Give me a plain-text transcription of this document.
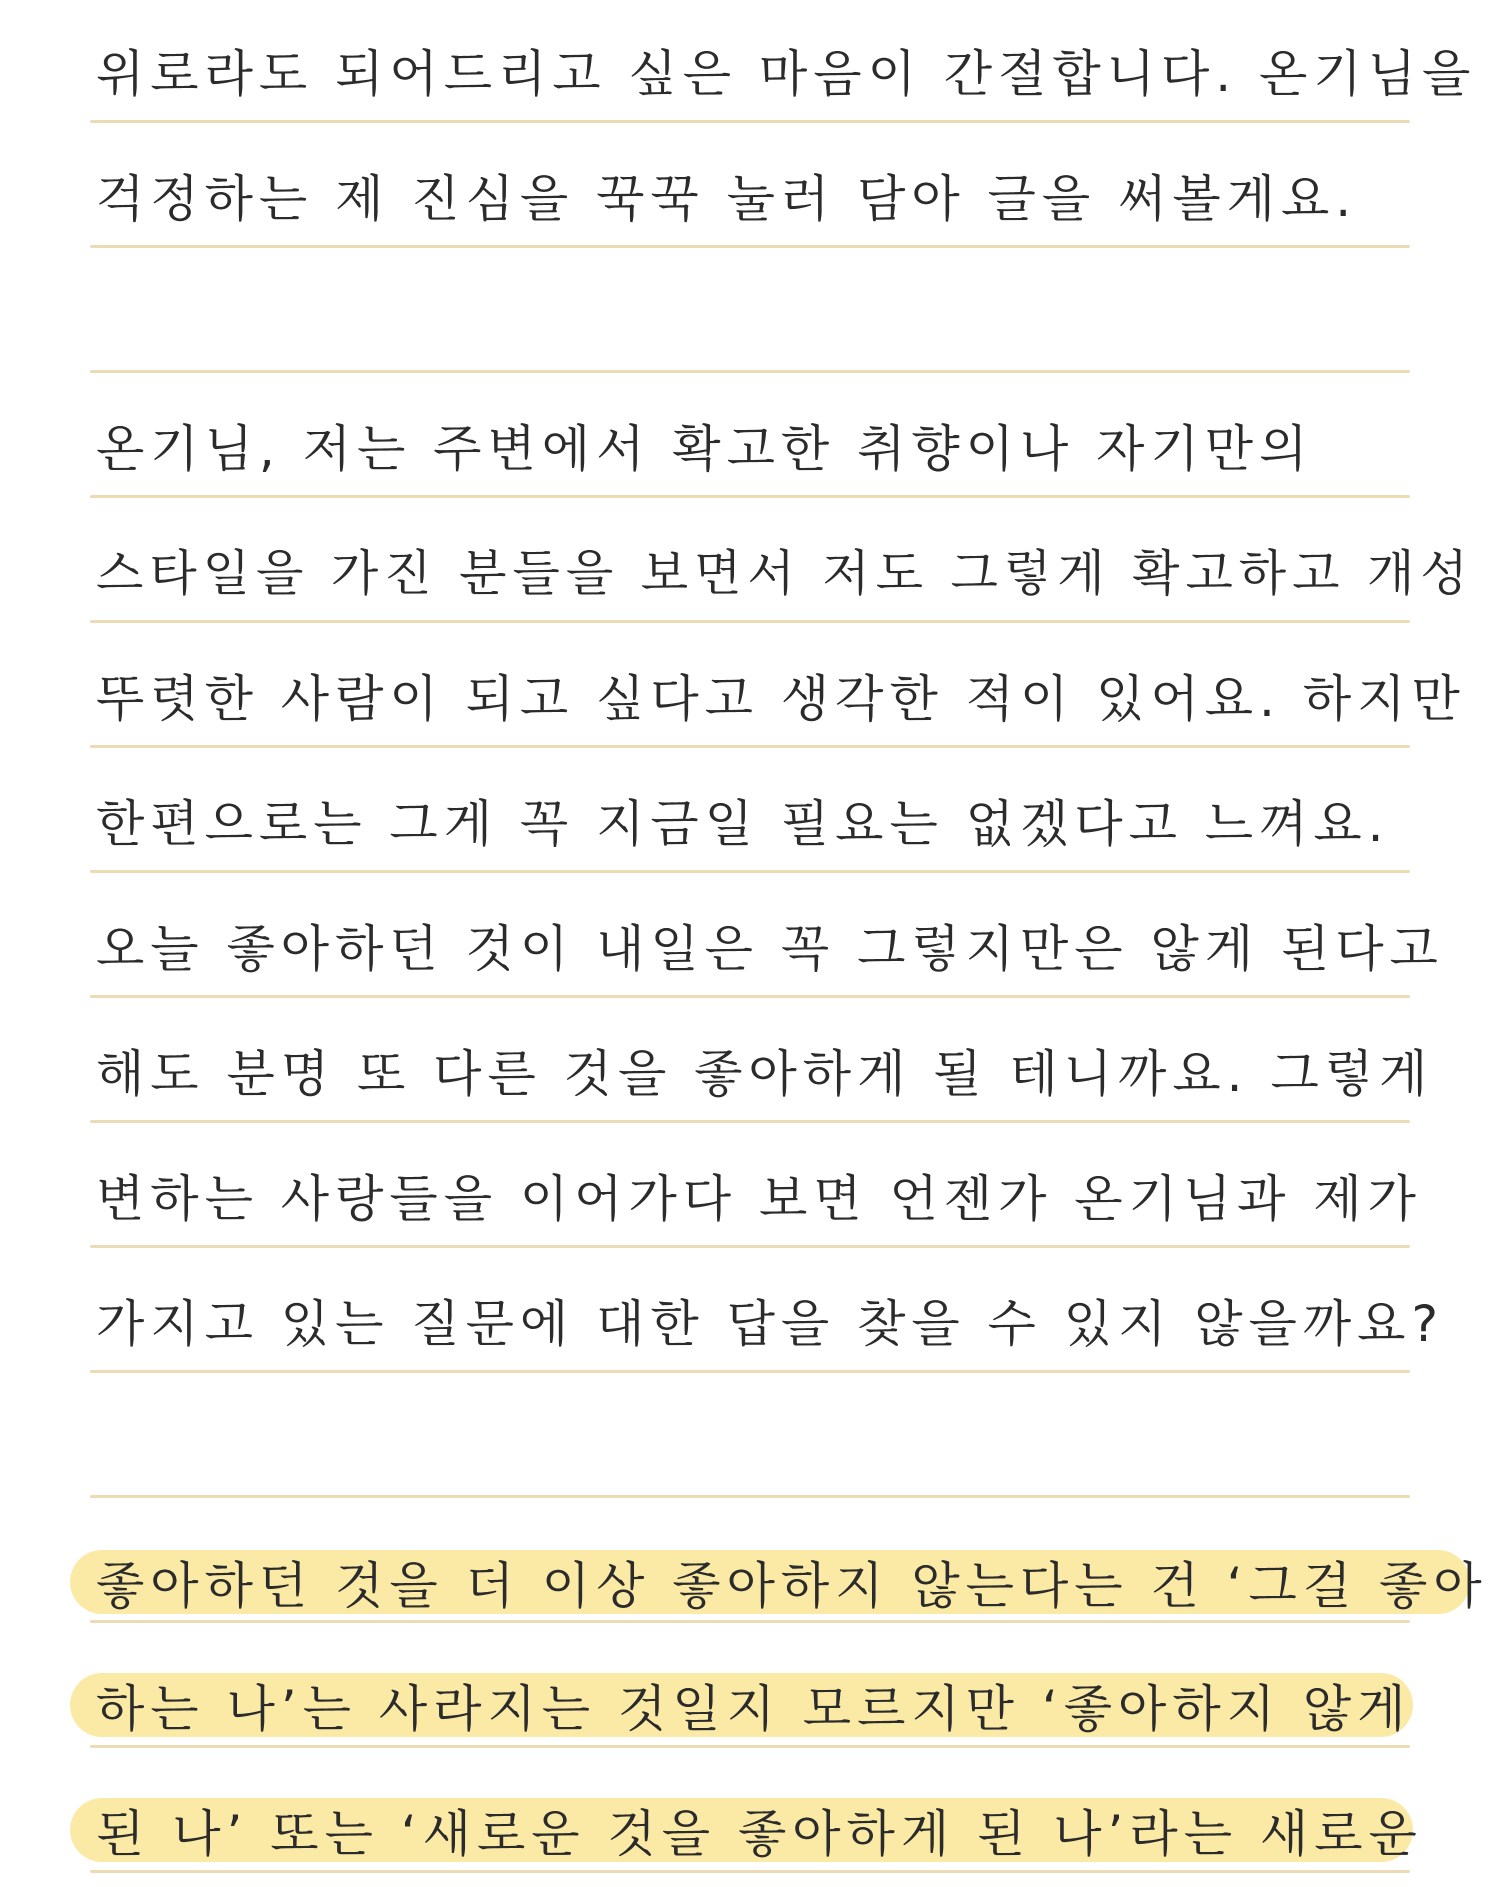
위로라도 되어드리고 싶은 마음이 간절합니다. 온기님을
걱정하는 제 진심을 꾹꾹 눌러 담아 글을 써볼게요.
온기님, 저는 주변에서 확고한 취향이나 자기만의
스타일을 가진 분들을 보면서 저도 그렇게 확고하고 개성
뚜렷한 사람이 되고 싶다고 생각한 적이 있어요. 하지만
한편으로는 그게 꼭 지금일 필요는 없겠다고 느껴요.
오늘 좋아하던 것이 내일은 꼭 그렇지만은 않게 된다고
해도 분명 또 다른 것을 좋아하게 될 테니까요. 그렇게
변하는 사랑들을 이어가다 보면 언젠가 온기님과 제가
가지고 있는 질문에 대한 답을 찾을 수 있지 않을까요?
좋아하던 것을 더 이상 좋아하지 않는다는 건 ‘그걸 좋아
하는 나’는 사라지는 것일지 모르지만 ‘좋아하지 않게
된 나’ 또는 ‘새로운 것을 좋아하게 된 나’라는 새로운
